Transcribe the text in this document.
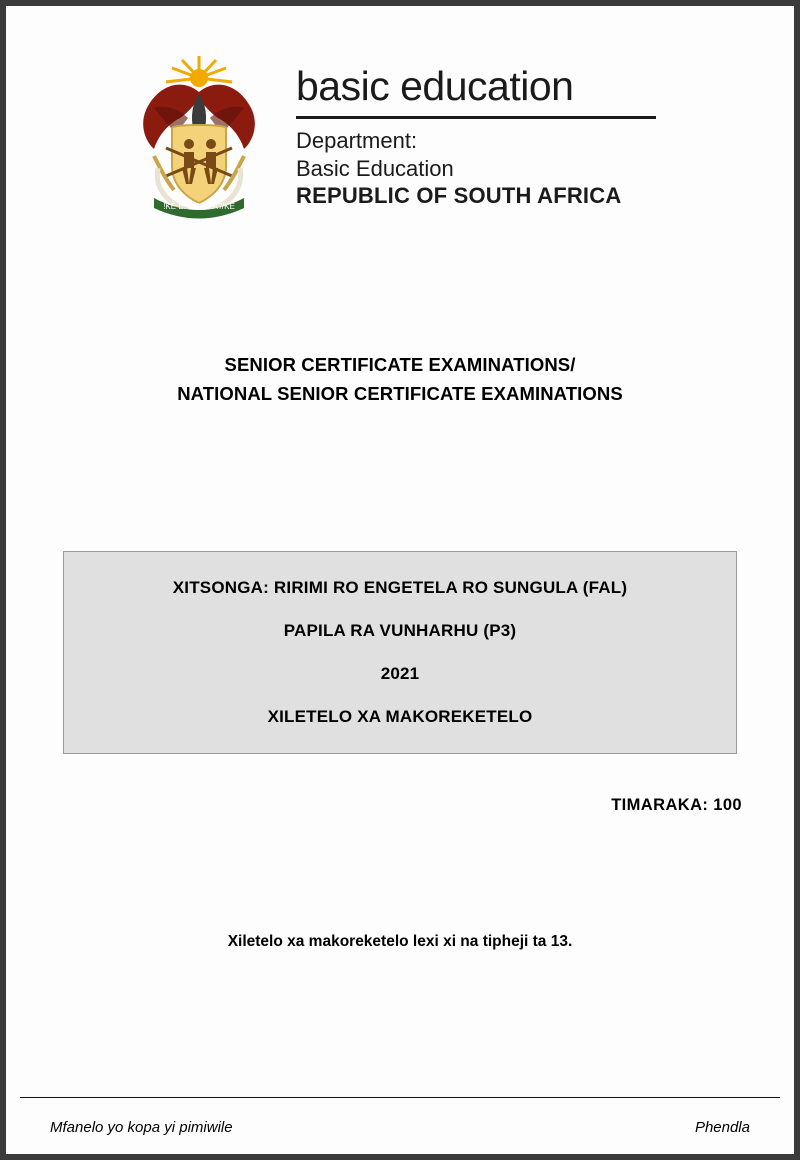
!KE E: /XARRA //KE
basic education
Department:
Basic Education
REPUBLIC OF SOUTH AFRICA
SENIOR CERTIFICATE EXAMINATIONS/
NATIONAL SENIOR CERTIFICATE EXAMINATIONS
XITSONGA: RIRIMI RO ENGETELA RO SUNGULA (FAL)
PAPILA RA VUNHARHU (P3)
2021
XILETELO XA MAKOREKETELO
TIMARAKA: 100
Xiletelo xa makoreketelo lexi xi na tipheji ta 13.
Mfanelo yo kopa yi pimiwile	Phendla
